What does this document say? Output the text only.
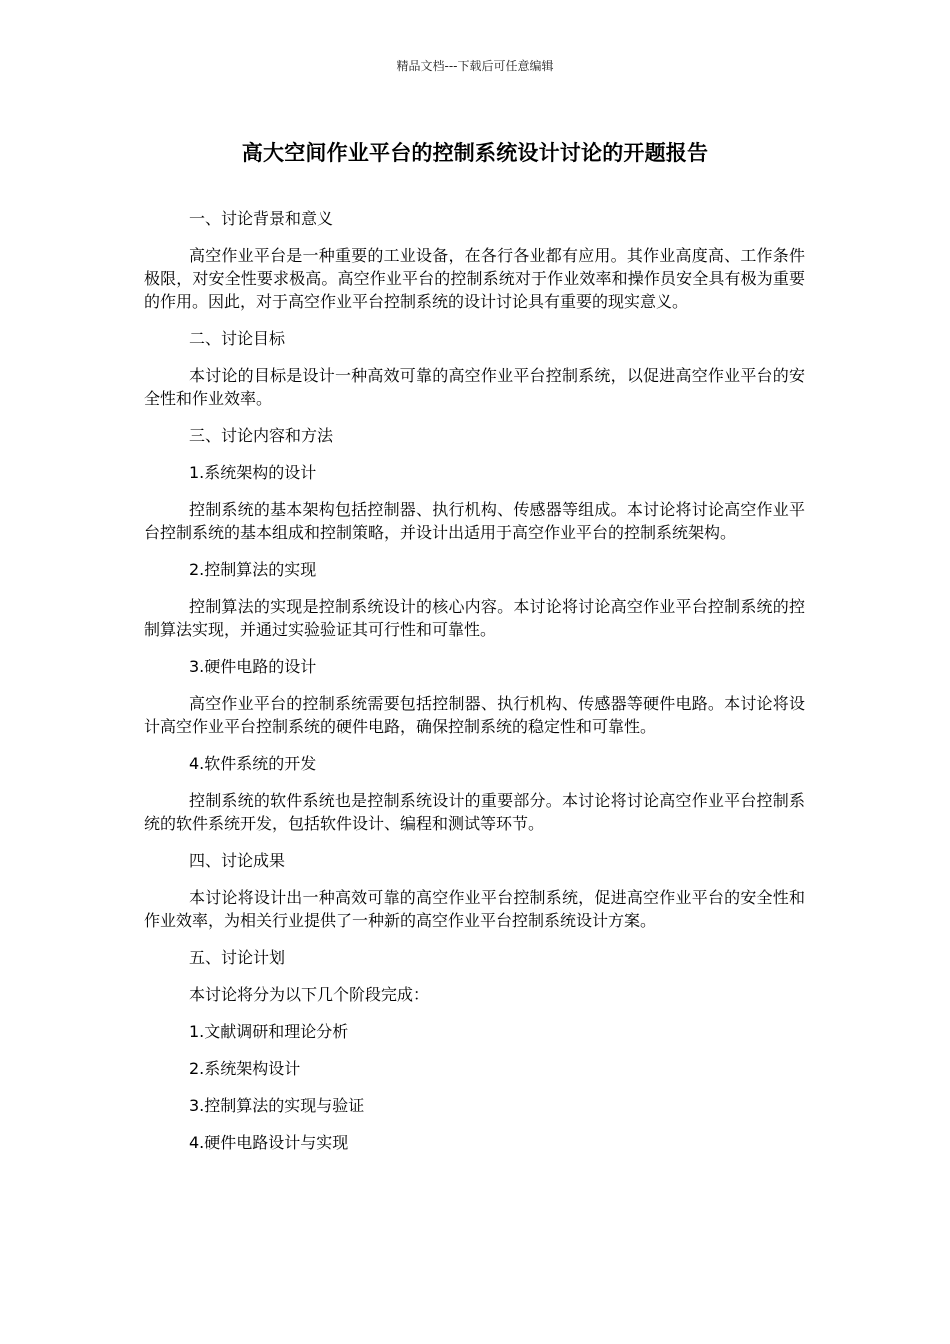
精品文档---下载后可任意编辑
高大空间作业平台的控制系统设计讨论的开题报告

一、讨论背景和意义

高空作业平台是一种重要的工业设备，在各行各业都有应用。其作业高度高、工作条件极限，对安全性要求极高。高空作业平台的控制系统对于作业效率和操作员安全具有极为重要的作用。因此，对于高空作业平台控制系统的设计讨论具有重要的现实意义。

二、讨论目标

本讨论的目标是设计一种高效可靠的高空作业平台控制系统，以促进高空作业平台的安全性和作业效率。

三、讨论内容和方法

1.系统架构的设计

控制系统的基本架构包括控制器、执行机构、传感器等组成。本讨论将讨论高空作业平台控制系统的基本组成和控制策略，并设计出适用于高空作业平台的控制系统架构。

2.控制算法的实现

控制算法的实现是控制系统设计的核心内容。本讨论将讨论高空作业平台控制系统的控制算法实现，并通过实验验证其可行性和可靠性。

3.硬件电路的设计

高空作业平台的控制系统需要包括控制器、执行机构、传感器等硬件电路。本讨论将设计高空作业平台控制系统的硬件电路，确保控制系统的稳定性和可靠性。

4.软件系统的开发

控制系统的软件系统也是控制系统设计的重要部分。本讨论将讨论高空作业平台控制系统的软件系统开发，包括软件设计、编程和测试等环节。

四、讨论成果

本讨论将设计出一种高效可靠的高空作业平台控制系统，促进高空作业平台的安全性和作业效率，为相关行业提供了一种新的高空作业平台控制系统设计方案。

五、讨论计划

本讨论将分为以下几个阶段完成：

1.文献调研和理论分析

2.系统架构设计

3.控制算法的实现与验证

4.硬件电路设计与实现
